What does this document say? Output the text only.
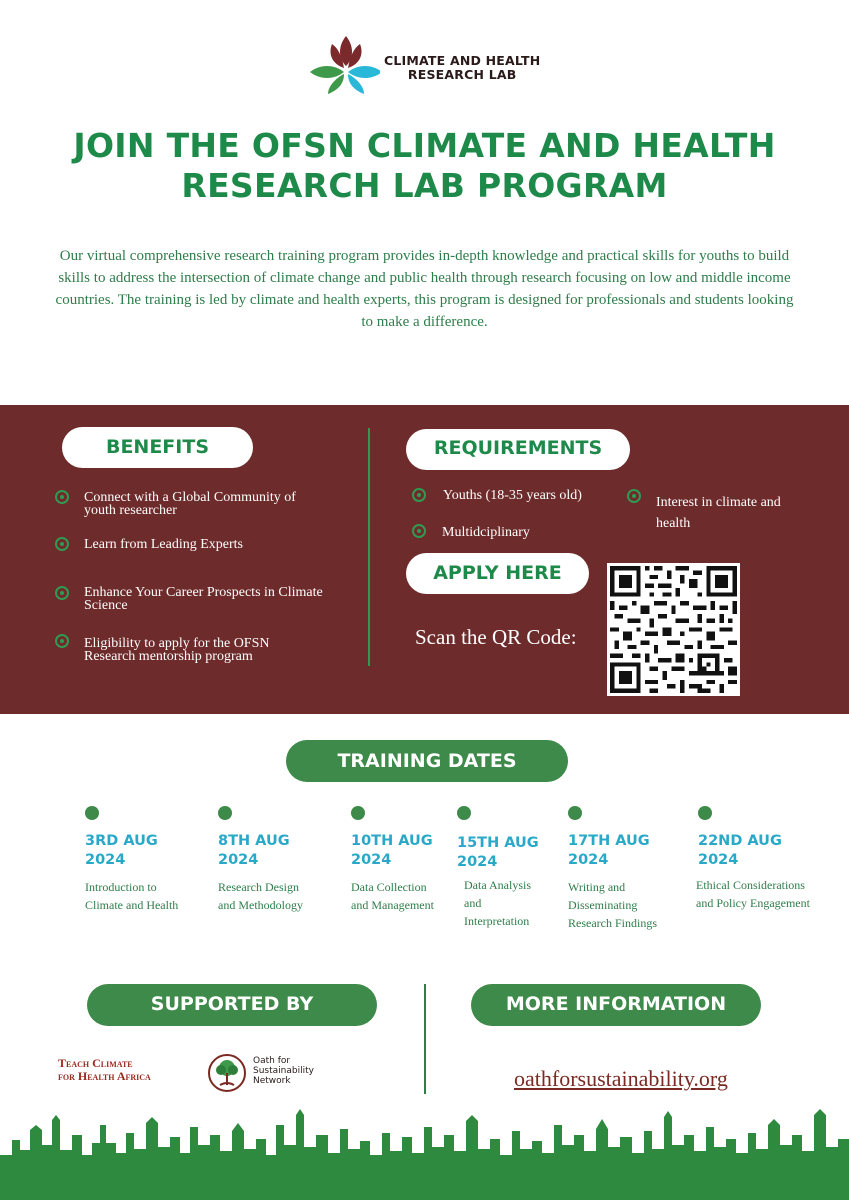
CLIMATE AND HEALTH
RESEARCH LAB
JOIN THE OFSN CLIMATE AND HEALTH
RESEARCH LAB PROGRAM

Our virtual comprehensive research training program provides in-depth knowledge and practical skills for youths to build skills to address the intersection of climate change and public health through research focusing on low and middle income countries. The training is led by climate and health experts, this program is designed for professionals and students looking to make a difference.

BENEFITS
Connect with a Global Community of
youth researcher
Learn from Leading Experts
Enhance Your Career Prospects in Climate
Science
Eligibility to apply for the OFSN
Research mentorship program
REQUIREMENTS
Youths (18-35 years old)
Multidciplinary
Interest in climate and
health
APPLY HERE
Scan the QR Code:
TRAINING DATES
3RD AUG
2024
Introduction to
Climate and Health
8TH AUG
2024
Research Design
and Methodology
10TH AUG
2024
Data Collection
and Management
15TH AUG
2024
Data Analysis
and
Interpretation
17TH AUG
2024
Writing and
Disseminating
Research Findings
22ND AUG
2024
Ethical Considerations
and Policy Engagement
SUPPORTED BY	MORE INFORMATION
Teach Climate
for Health Africa
Oath for
Sustainability
Network	oathforsustainability.org
